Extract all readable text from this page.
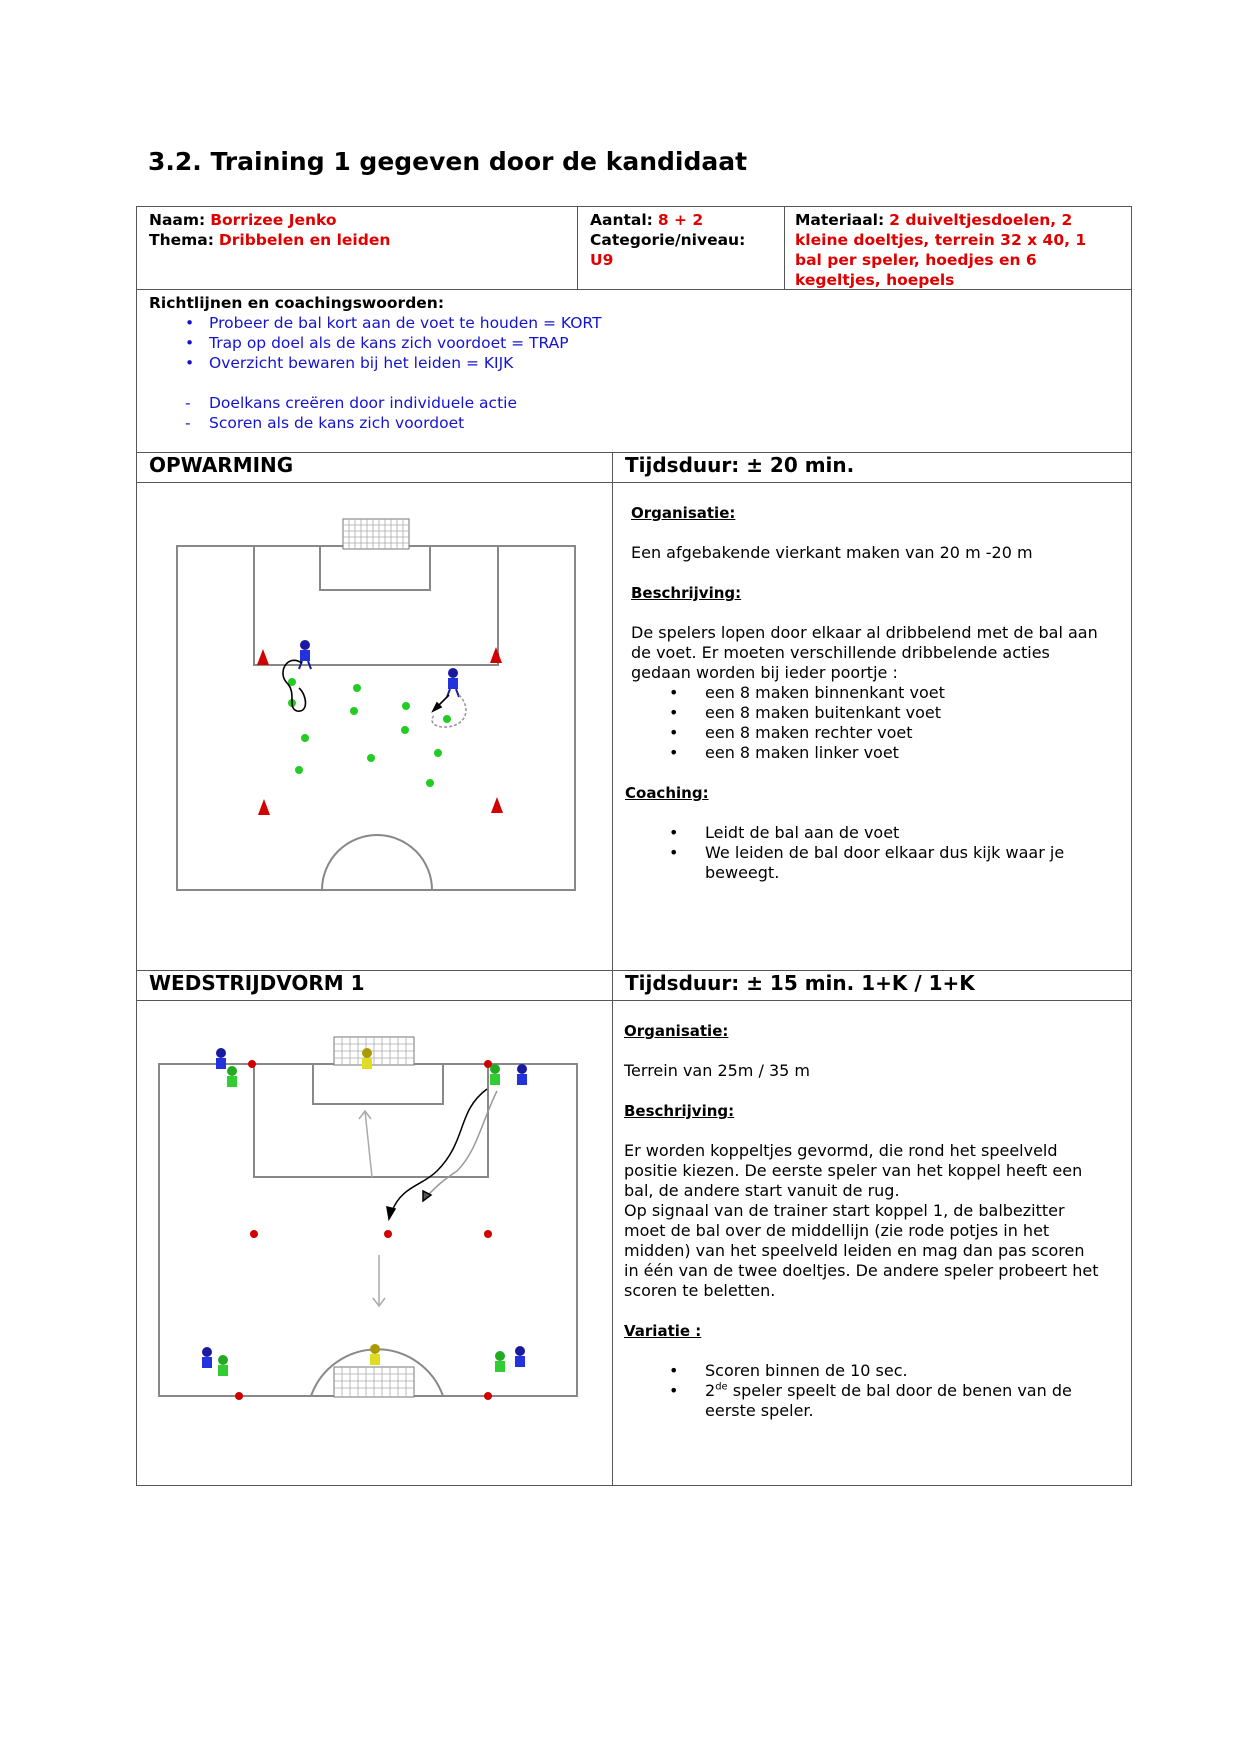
3.2. Training 1 gegeven door de kandidaat
Naam: Borrizee Jenko
Thema: Dribbelen en leiden
Aantal: 8 + 2
Categorie/niveau:
U9
Materiaal: 2 duiveltjesdoelen, 2
kleine doeltjes, terrein 32 x 40, 1
bal per speler, hoedjes en 6
kegeltjes, hoepels
Richtlijnen en coachingswoorden:
• Probeer de bal kort aan de voet te houden = KORT
• Trap op doel als de kans zich voordoet = TRAP
• Overzicht bewaren bij het leiden = KIJK
- Doelkans creëren door individuele actie
- Scoren als de kans zich voordoet
OPWARMING	Tijdsduur: ± 20 min.

Organisatie:

Een afgebakende vierkant maken van 20 m -20 m

Beschrijving:

De spelers lopen door elkaar al dribbelend met de bal aan

de voet. Er moeten verschillende dribbelende acties

gedaan worden bij ieder poortje :

• een 8 maken binnenkant voet
• een 8 maken buitenkant voet
• een 8 maken rechter voet
• een 8 maken linker voet

Coaching:

• Leidt de bal aan de voet
• We leiden de bal door elkaar dus kijk waar je

beweegt.

WEDSTRIJDVORM 1	Tijdsduur: ± 15 min. 1+K / 1+K

Organisatie:

Terrein van 25m / 35 m

Beschrijving:

Er worden koppeltjes gevormd, die rond het speelveld

positie kiezen. De eerste speler van het koppel heeft een

bal, de andere start vanuit de rug.

Op signaal van de trainer start koppel 1, de balbezitter

moet de bal over de middellijn (zie rode potjes in het

midden) van het speelveld leiden en mag dan pas scoren

in één van de twee doeltjes. De andere speler probeert het

scoren te beletten.

Variatie :

• Scoren binnen de 10 sec.
• 2de speler speelt de bal door de benen van de

eerste speler.
